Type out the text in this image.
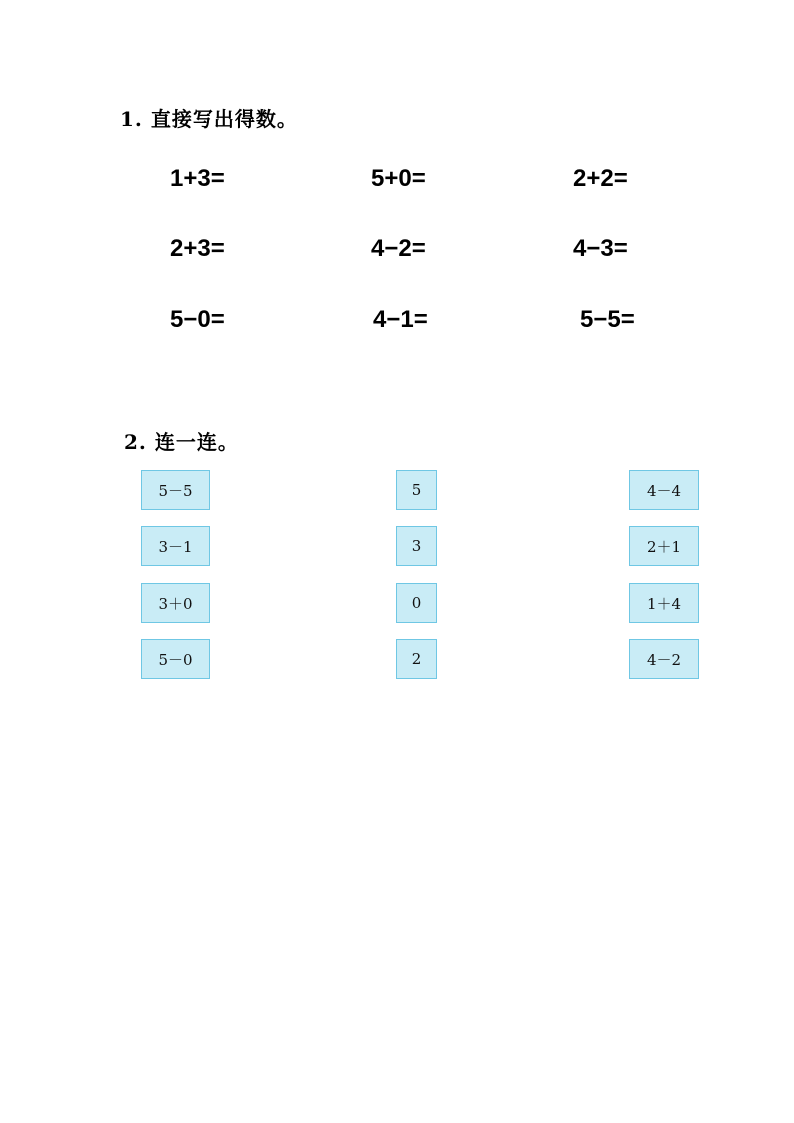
1. 直接写出得数。
1+3=	5+0=	2+2=
2+3=	4−2=	4−3=
5−0=	4−1=	5−5=
2. 连一连。
5－5
3－1
3＋0
5－0
5
3
0
2
4－4
2＋1
1＋4
4－2
